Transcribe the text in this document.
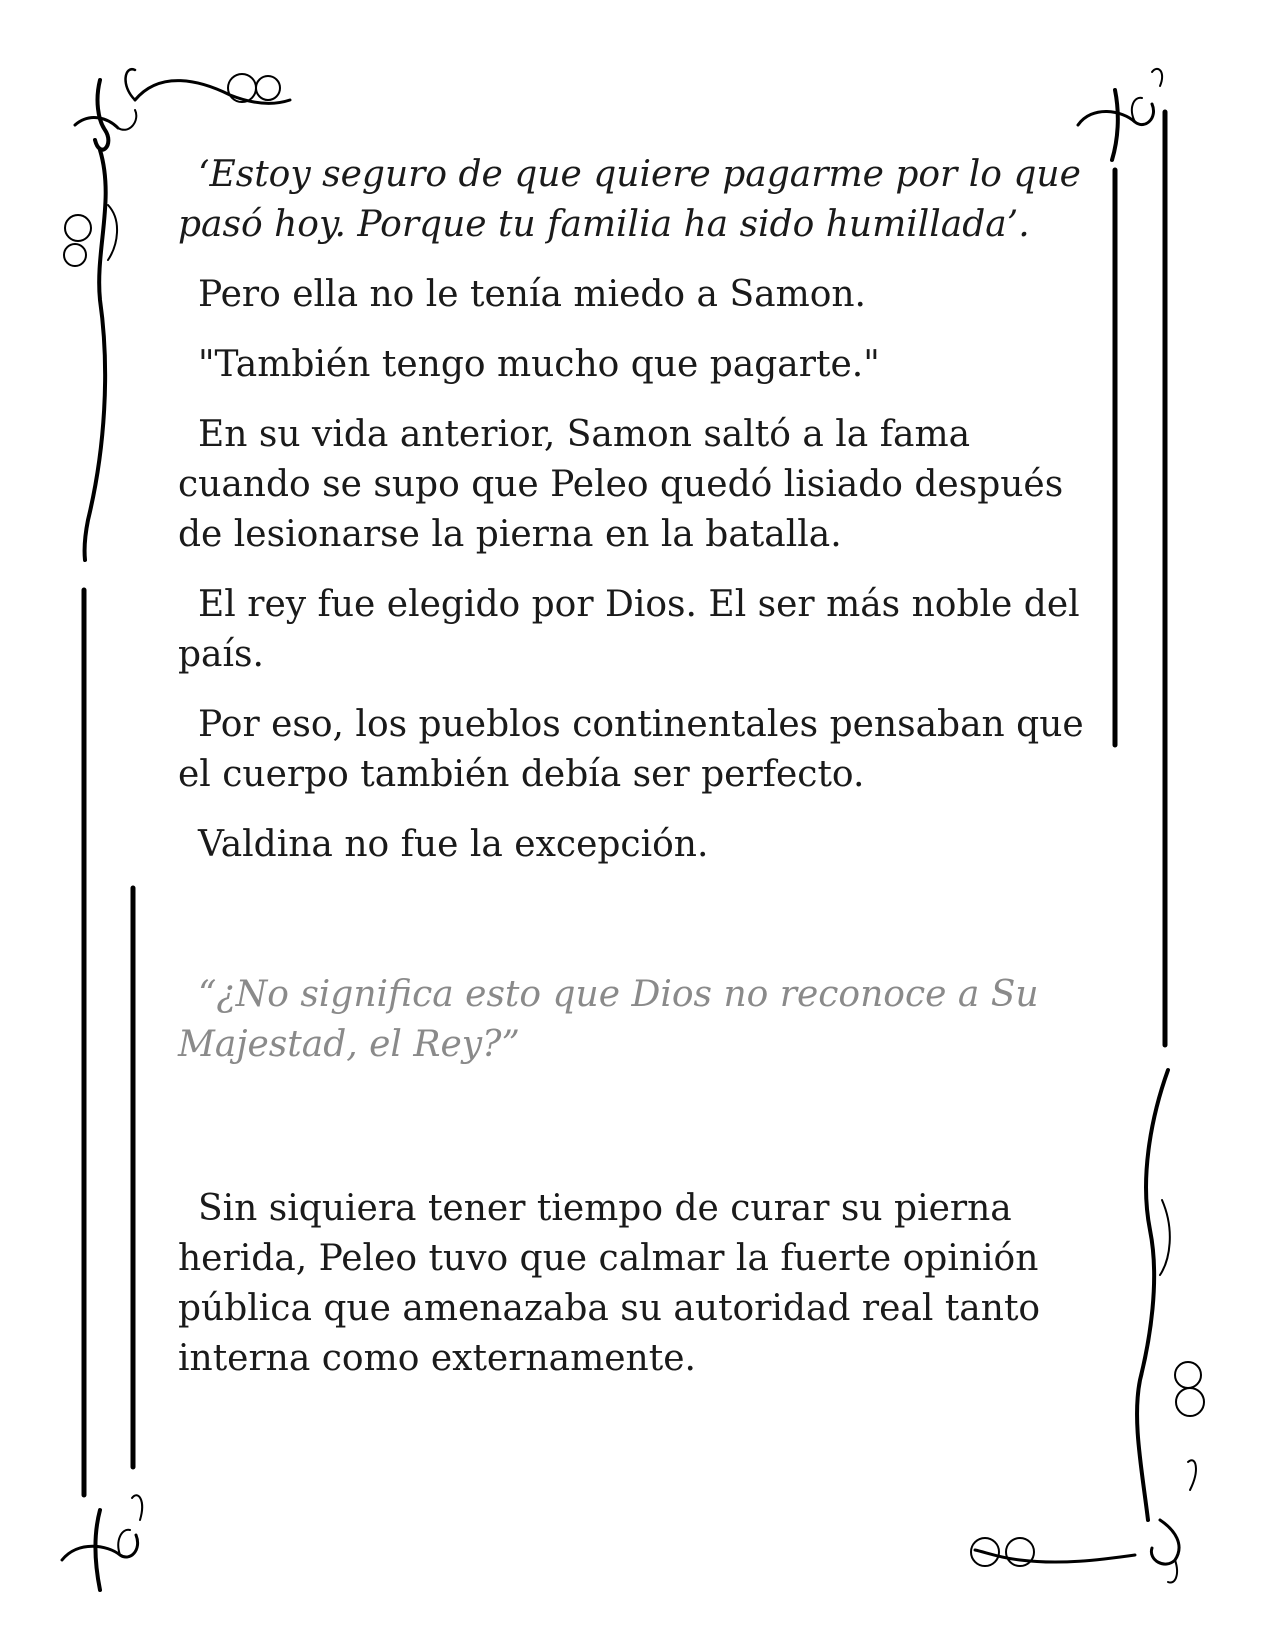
‘Estoy seguro de que quiere pagarme por lo que pasó hoy. Porque tu familia ha sido humillada’.

Pero ella no le tenía miedo a Samon.

"También tengo mucho que pagarte."

En su vida anterior, Samon saltó a la fama cuando se supo que Peleo quedó lisiado después de lesionarse la pierna en la batalla.

El rey fue elegido por Dios. El ser más noble del país.

Por eso, los pueblos continentales pensaban que el cuerpo también debía ser perfecto.

Valdina no fue la excepción.

“¿No significa esto que Dios no reconoce a Su Majestad, el Rey?”

Sin siquiera tener tiempo de curar su pierna herida, Peleo tuvo que calmar la fuerte opinión pública que amenazaba su autoridad real tanto interna como externamente.
